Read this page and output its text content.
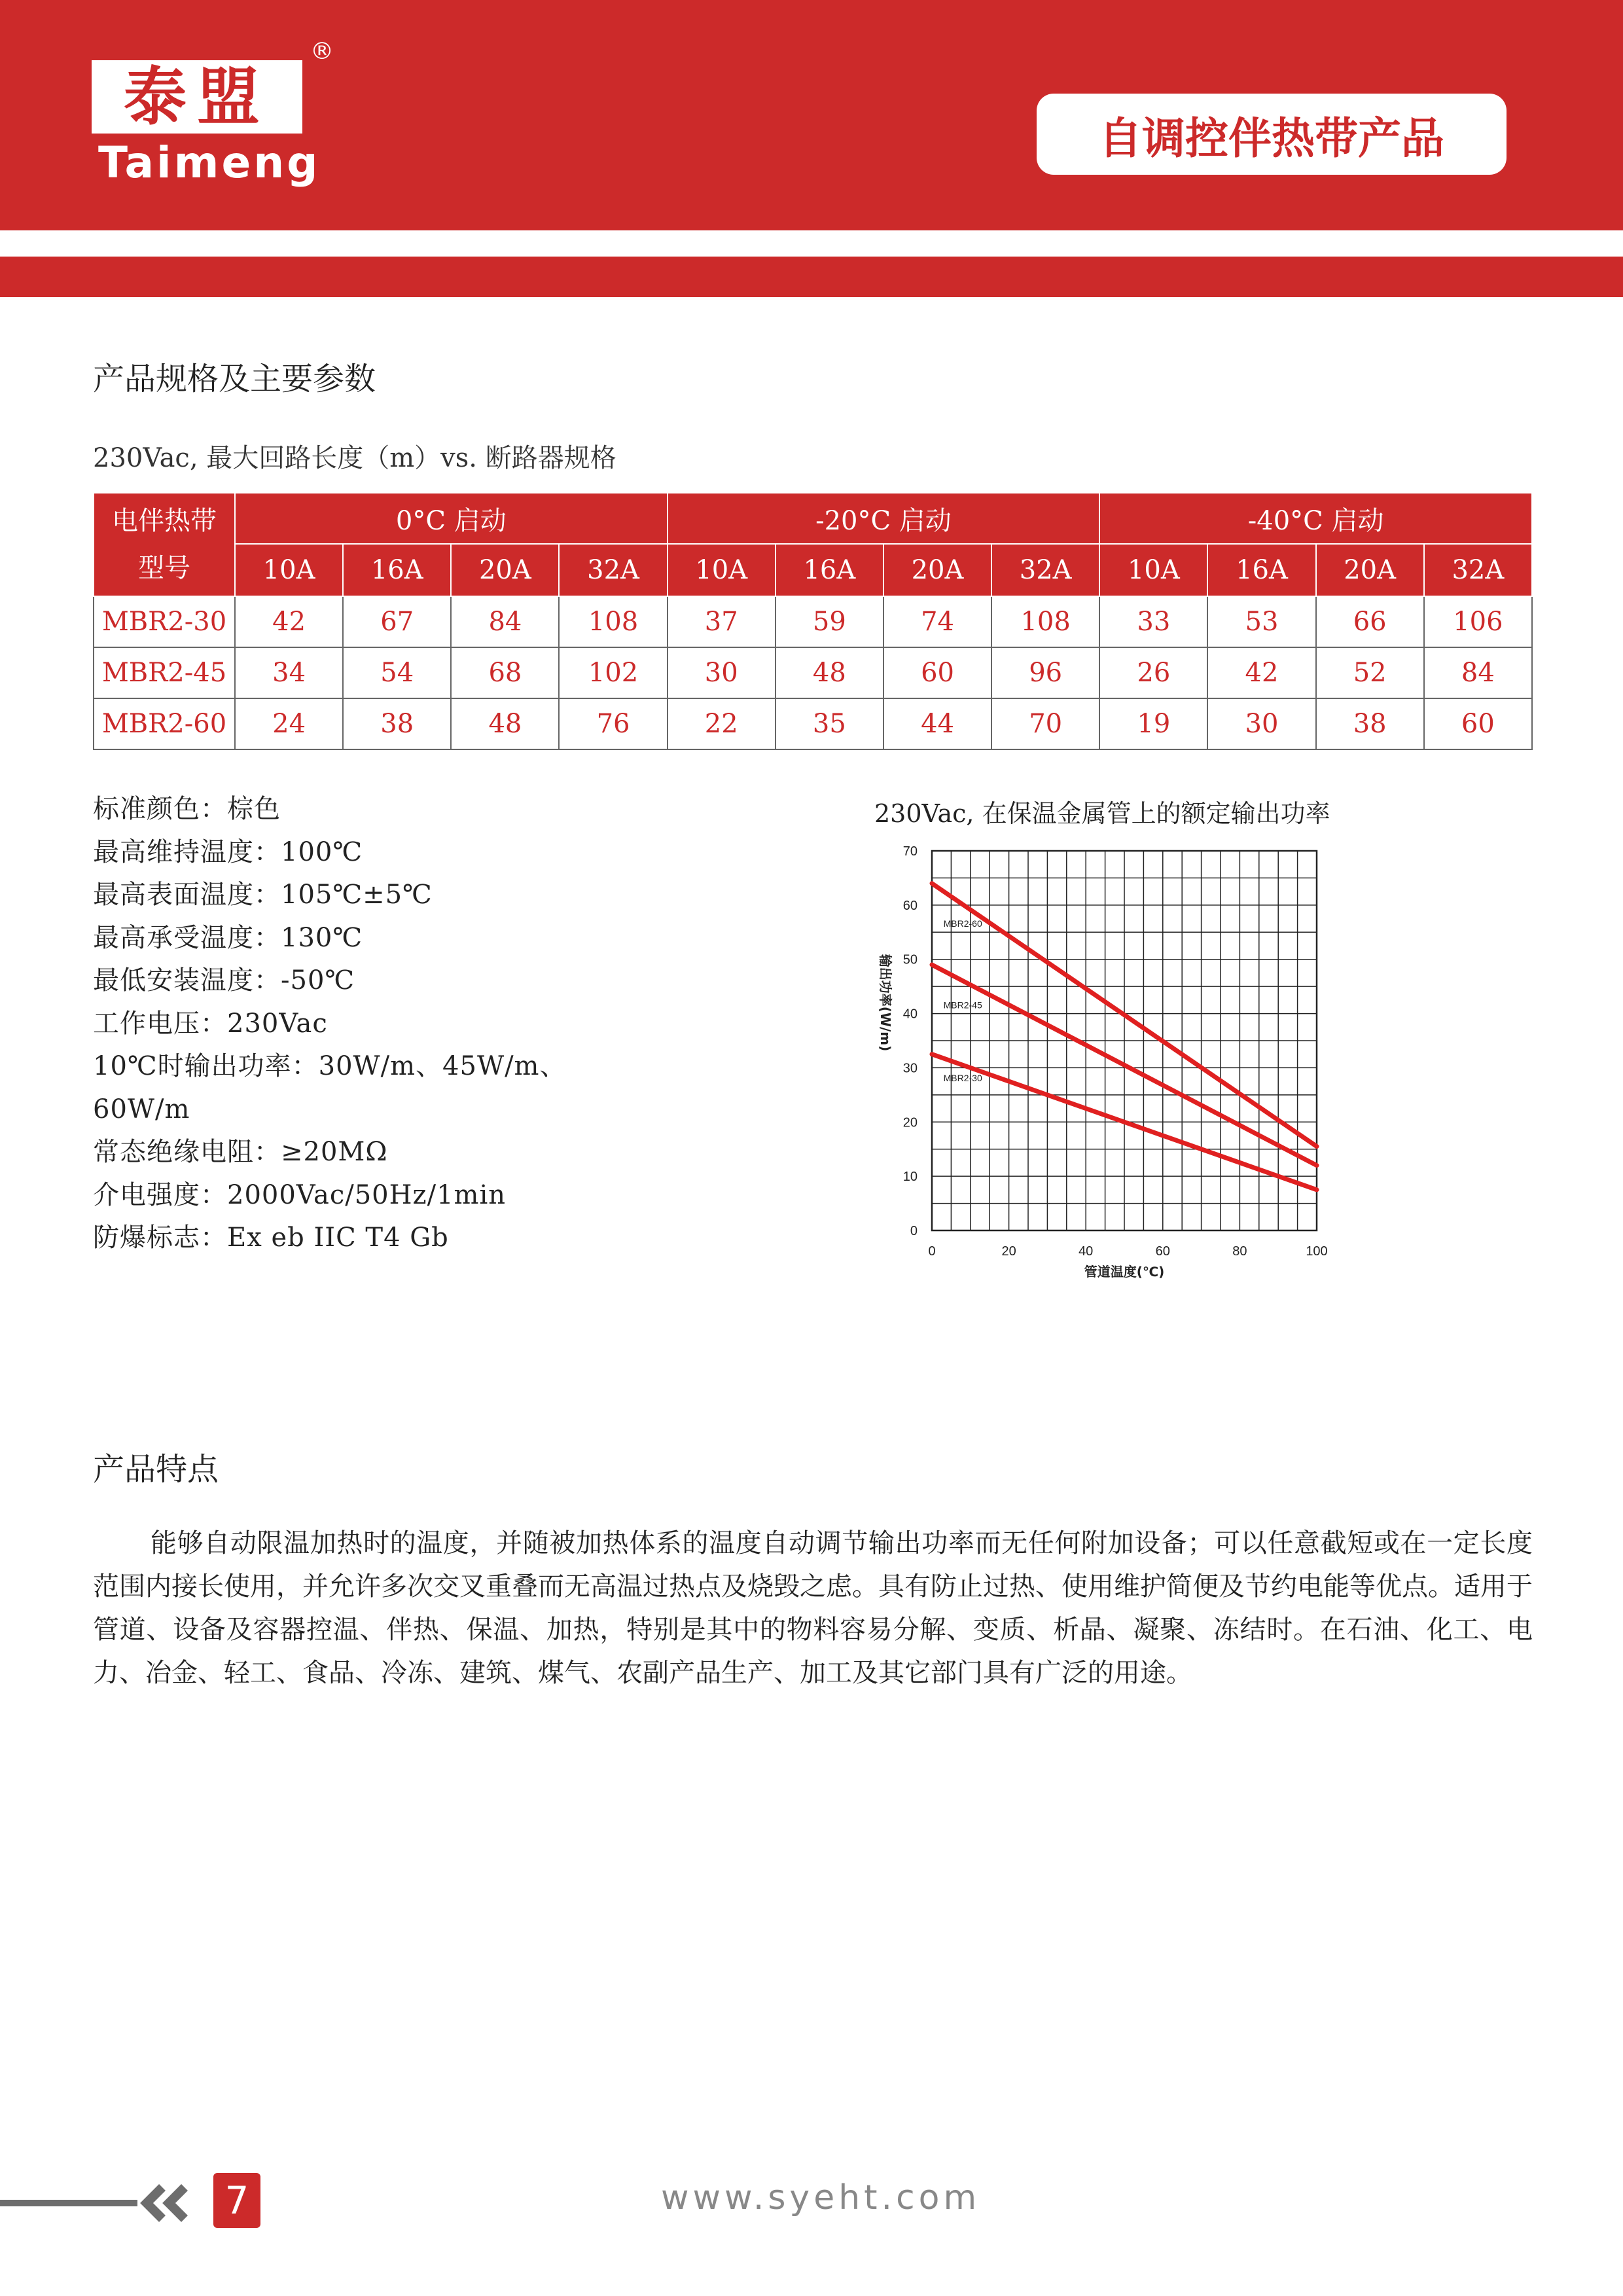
泰盟
®
Taimeng	自调控伴热带产品
产品规格及主要参数
230Vac, 最大回路长度（m）vs. 断路器规格
电伴热带型号	0°C 启动				-20°C 启动				-40°C 启动			
	10A	16A	20A	32A	10A	16A	20A	32A	10A	16A	20A	32A
MBR2-30	42	67	84	108	37	59	74	108	33	53	66	106
MBR2-45	34	54	68	102	30	48	60	96	26	42	52	84
MBR2-60	24	38	48	76	22	35	44	70	19	30	38	60
标准颜色：棕色
最高维持温度：100℃
最高表面温度：105℃±5℃
最高承受温度：130℃
最低安装温度：-50℃
工作电压：230Vac
10℃时输出功率：30W/m、45W/m、
60W/m
常态绝缘电阻：≥20MΩ
介电强度：2000Vac/50Hz/1min
防爆标志：Ex eb IIC T4 Gb
230Vac, 在保温金属管上的额定输出功率
0
10
20
30
40
50
60
70
0	20	40	60	80	100
管道温度(℃)
输出功率(W/m)
MBR2-60
MBR2-45
MBR2-30
产品特点
能够自动限温加热时的温度，并随被加热体系的温度自动调节输出功率而无任何附加设备；可以任意截短或在一定长度范围内接长使用，并允许多次交叉重叠而无高温过热点及烧毁之虑。具有防止过热、使用维护简便及节约电能等优点。适用于管道、设备及容器控温、伴热、保温、加热，特别是其中的物料容易分解、变质、析晶、凝聚、冻结时。在石油、化工、电力、冶金、轻工、食品、冷冻、建筑、煤气、农副产品生产、加工及其它部门具有广泛的用途。
7	www.syeht.com
